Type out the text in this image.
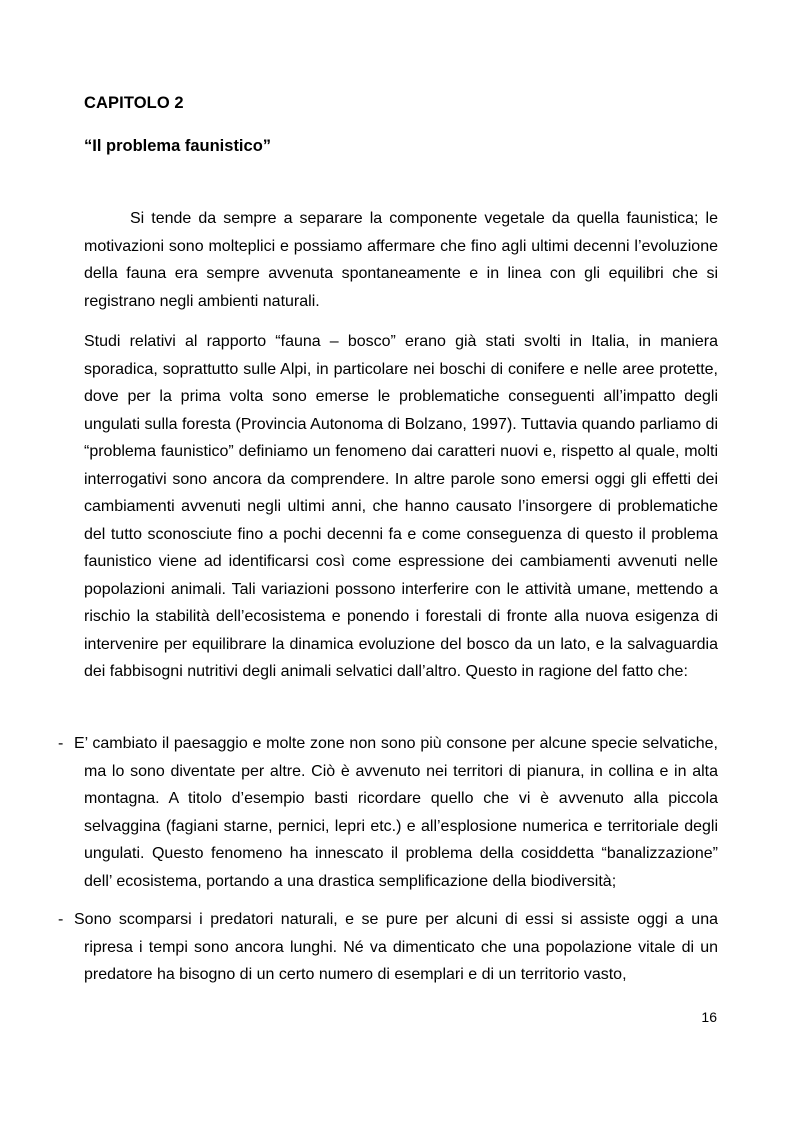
CAPITOLO 2
“Il problema faunistico”

Si tende da sempre a separare la componente vegetale da quella faunistica; le motivazioni sono molteplici e possiamo affermare che fino agli ultimi decenni l’evoluzione della fauna era sempre avvenuta spontaneamente e in linea con gli equilibri che si registrano negli ambienti naturali.

Studi relativi al rapporto “fauna – bosco” erano già stati svolti in Italia, in maniera sporadica, soprattutto sulle Alpi, in particolare nei boschi di conifere e nelle aree protette, dove per la prima volta sono emerse le problematiche conseguenti all’impatto degli ungulati sulla foresta (Provincia Autonoma di Bolzano, 1997). Tuttavia quando parliamo di “problema faunistico” definiamo un fenomeno dai caratteri nuovi e, rispetto al quale, molti interrogativi sono ancora da comprendere. In altre parole sono emersi oggi gli effetti dei cambiamenti avvenuti negli ultimi anni, che hanno causato l’insorgere di problematiche del tutto sconosciute fino a pochi decenni fa e come conseguenza di questo il problema faunistico viene ad identificarsi così come espressione dei cambiamenti avvenuti nelle popolazioni animali. Tali variazioni possono interferire con le attività umane, mettendo a rischio la stabilità dell’ecosistema e ponendo i forestali di fronte alla nuova esigenza di intervenire per equilibrare la dinamica evoluzione del bosco da un lato, e la salvaguardia dei fabbisogni nutritivi degli animali selvatici dall’altro. Questo in ragione del fatto che:

- E’ cambiato il paesaggio e molte zone non sono più consone per alcune specie selvatiche, ma lo sono diventate per altre. Ciò è avvenuto nei territori di pianura, in collina e in alta montagna. A titolo d’esempio basti ricordare quello che vi è avvenuto alla piccola selvaggina (fagiani starne, pernici, lepri etc.) e all’esplosione numerica e territoriale degli ungulati. Questo fenomeno ha innescato il problema della cosiddetta “banalizzazione” dell’ ecosistema, portando a una drastica semplificazione della biodiversità;
- Sono scomparsi i predatori naturali, e se pure per alcuni di essi si assiste oggi a una ripresa i tempi sono ancora lunghi. Né va dimenticato che una popolazione vitale di un predatore ha bisogno di un certo numero di esemplari e di un territorio vasto,

16
